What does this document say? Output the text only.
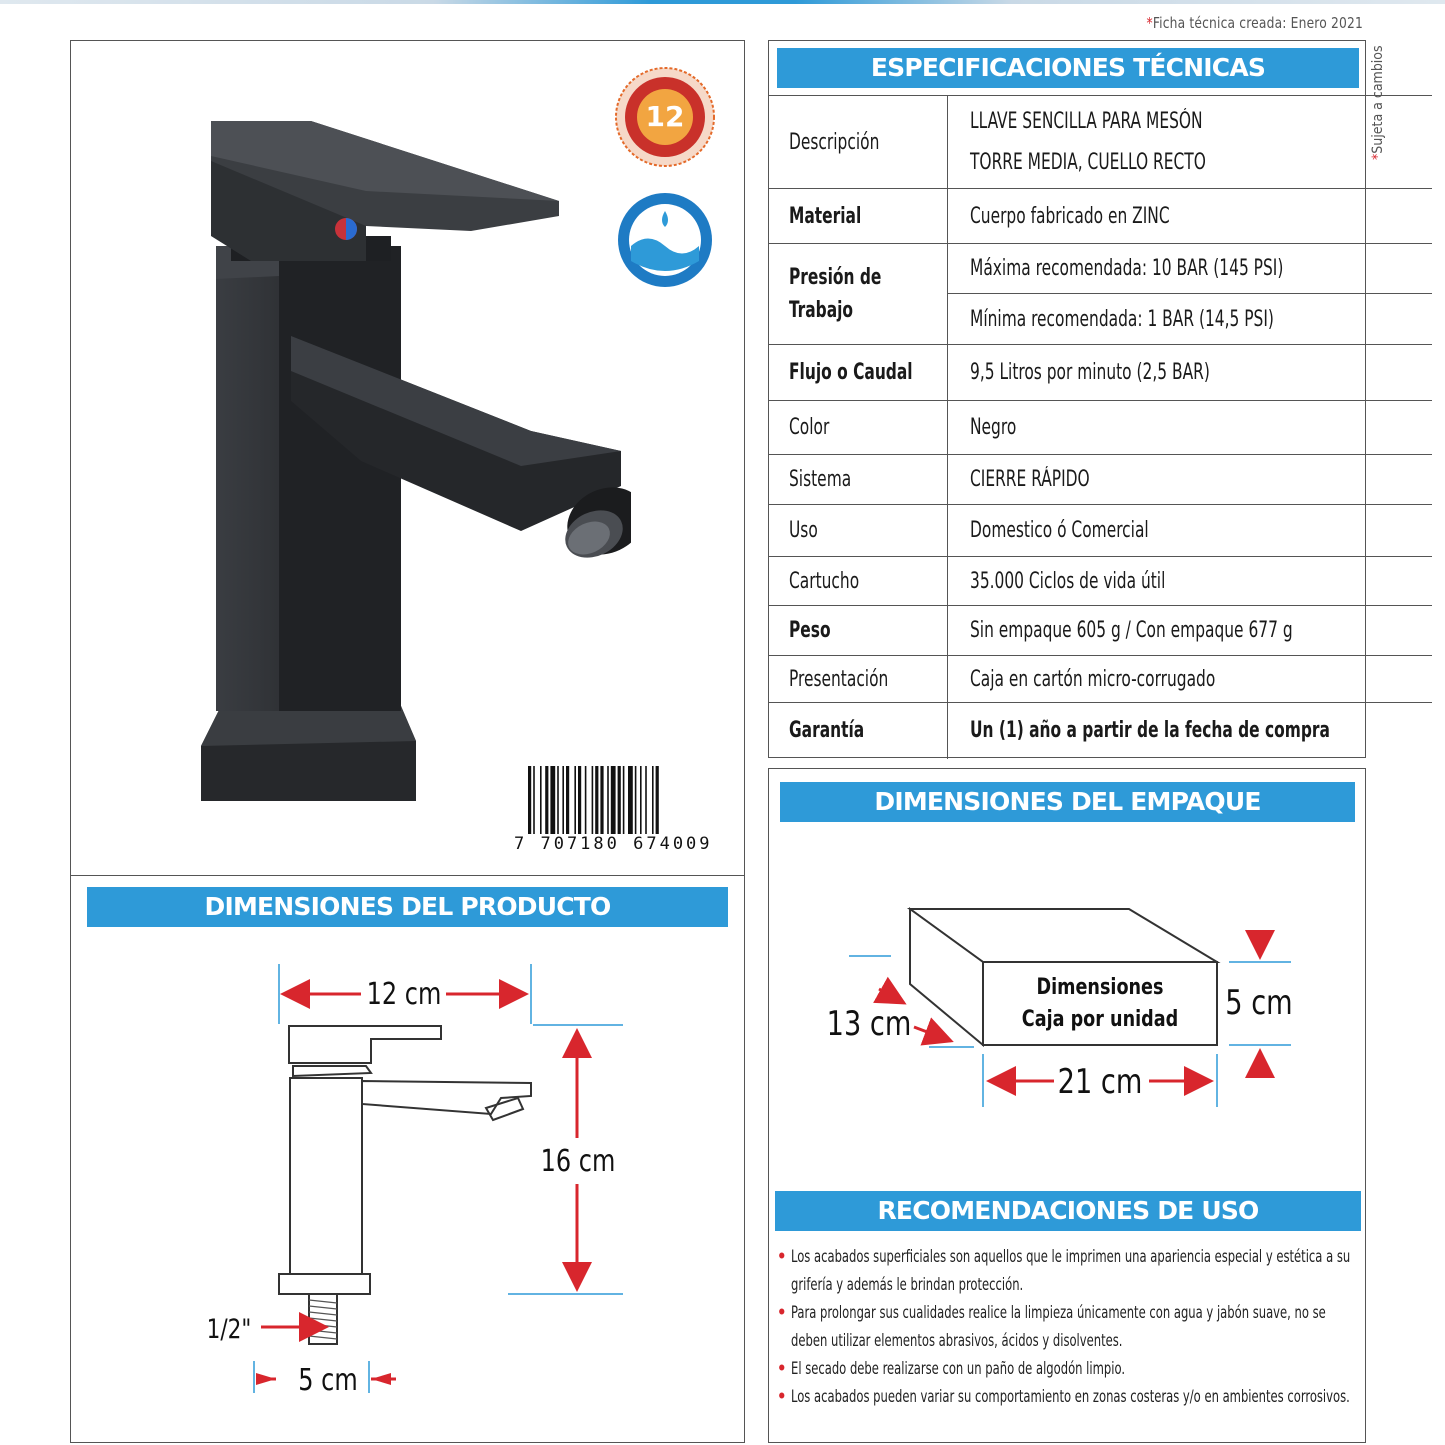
*Ficha técnica creada: Enero 2021
*Sujeta a cambios
12
7 707180 674009
DIMENSIONES DEL PRODUCTO
12 cm
16 cm
1/2"
5 cm
ESPECIFICACIONES TÉCNICAS
Descripción	LLAVE SENCILLA PARA MESÓN
TORRE MEDIA, CUELLO RECTO

Material	Cuerpo fabricado en ZINC
Presión de Trabajo	Máxima recomendada: 10 BAR (145 PSI)
Mínima recomendada: 1 BAR (14,5 PSI)

Flujo o Caudal	9,5 Litros por minuto (2,5 BAR)
Color	Negro
Sistema	CIERRE RÁPIDO
Uso	Domestico ó Comercial
Cartucho	35.000 Ciclos de vida útil
Peso	Sin empaque 605 g / Con empaque 677 g
Presentación	Caja en cartón micro-corrugado
Garantía	Un (1) año a partir de la fecha de compra
DIMENSIONES DEL EMPAQUE
Dimensiones
Caja por unidad
13 cm
5 cm
21 cm
RECOMENDACIONES DE USO
• Los acabados superficiales son aquellos que le imprimen una apariencia especial y estética a su grifería y además le brindan protección.
• Para prolongar sus cualidades realice la limpieza únicamente con agua y jabón suave, no se deben utilizar elementos abrasivos, ácidos y disolventes.
• El secado debe realizarse con un paño de algodón limpio.
• Los acabados pueden variar su comportamiento en zonas costeras y/o en ambientes corrosivos.
